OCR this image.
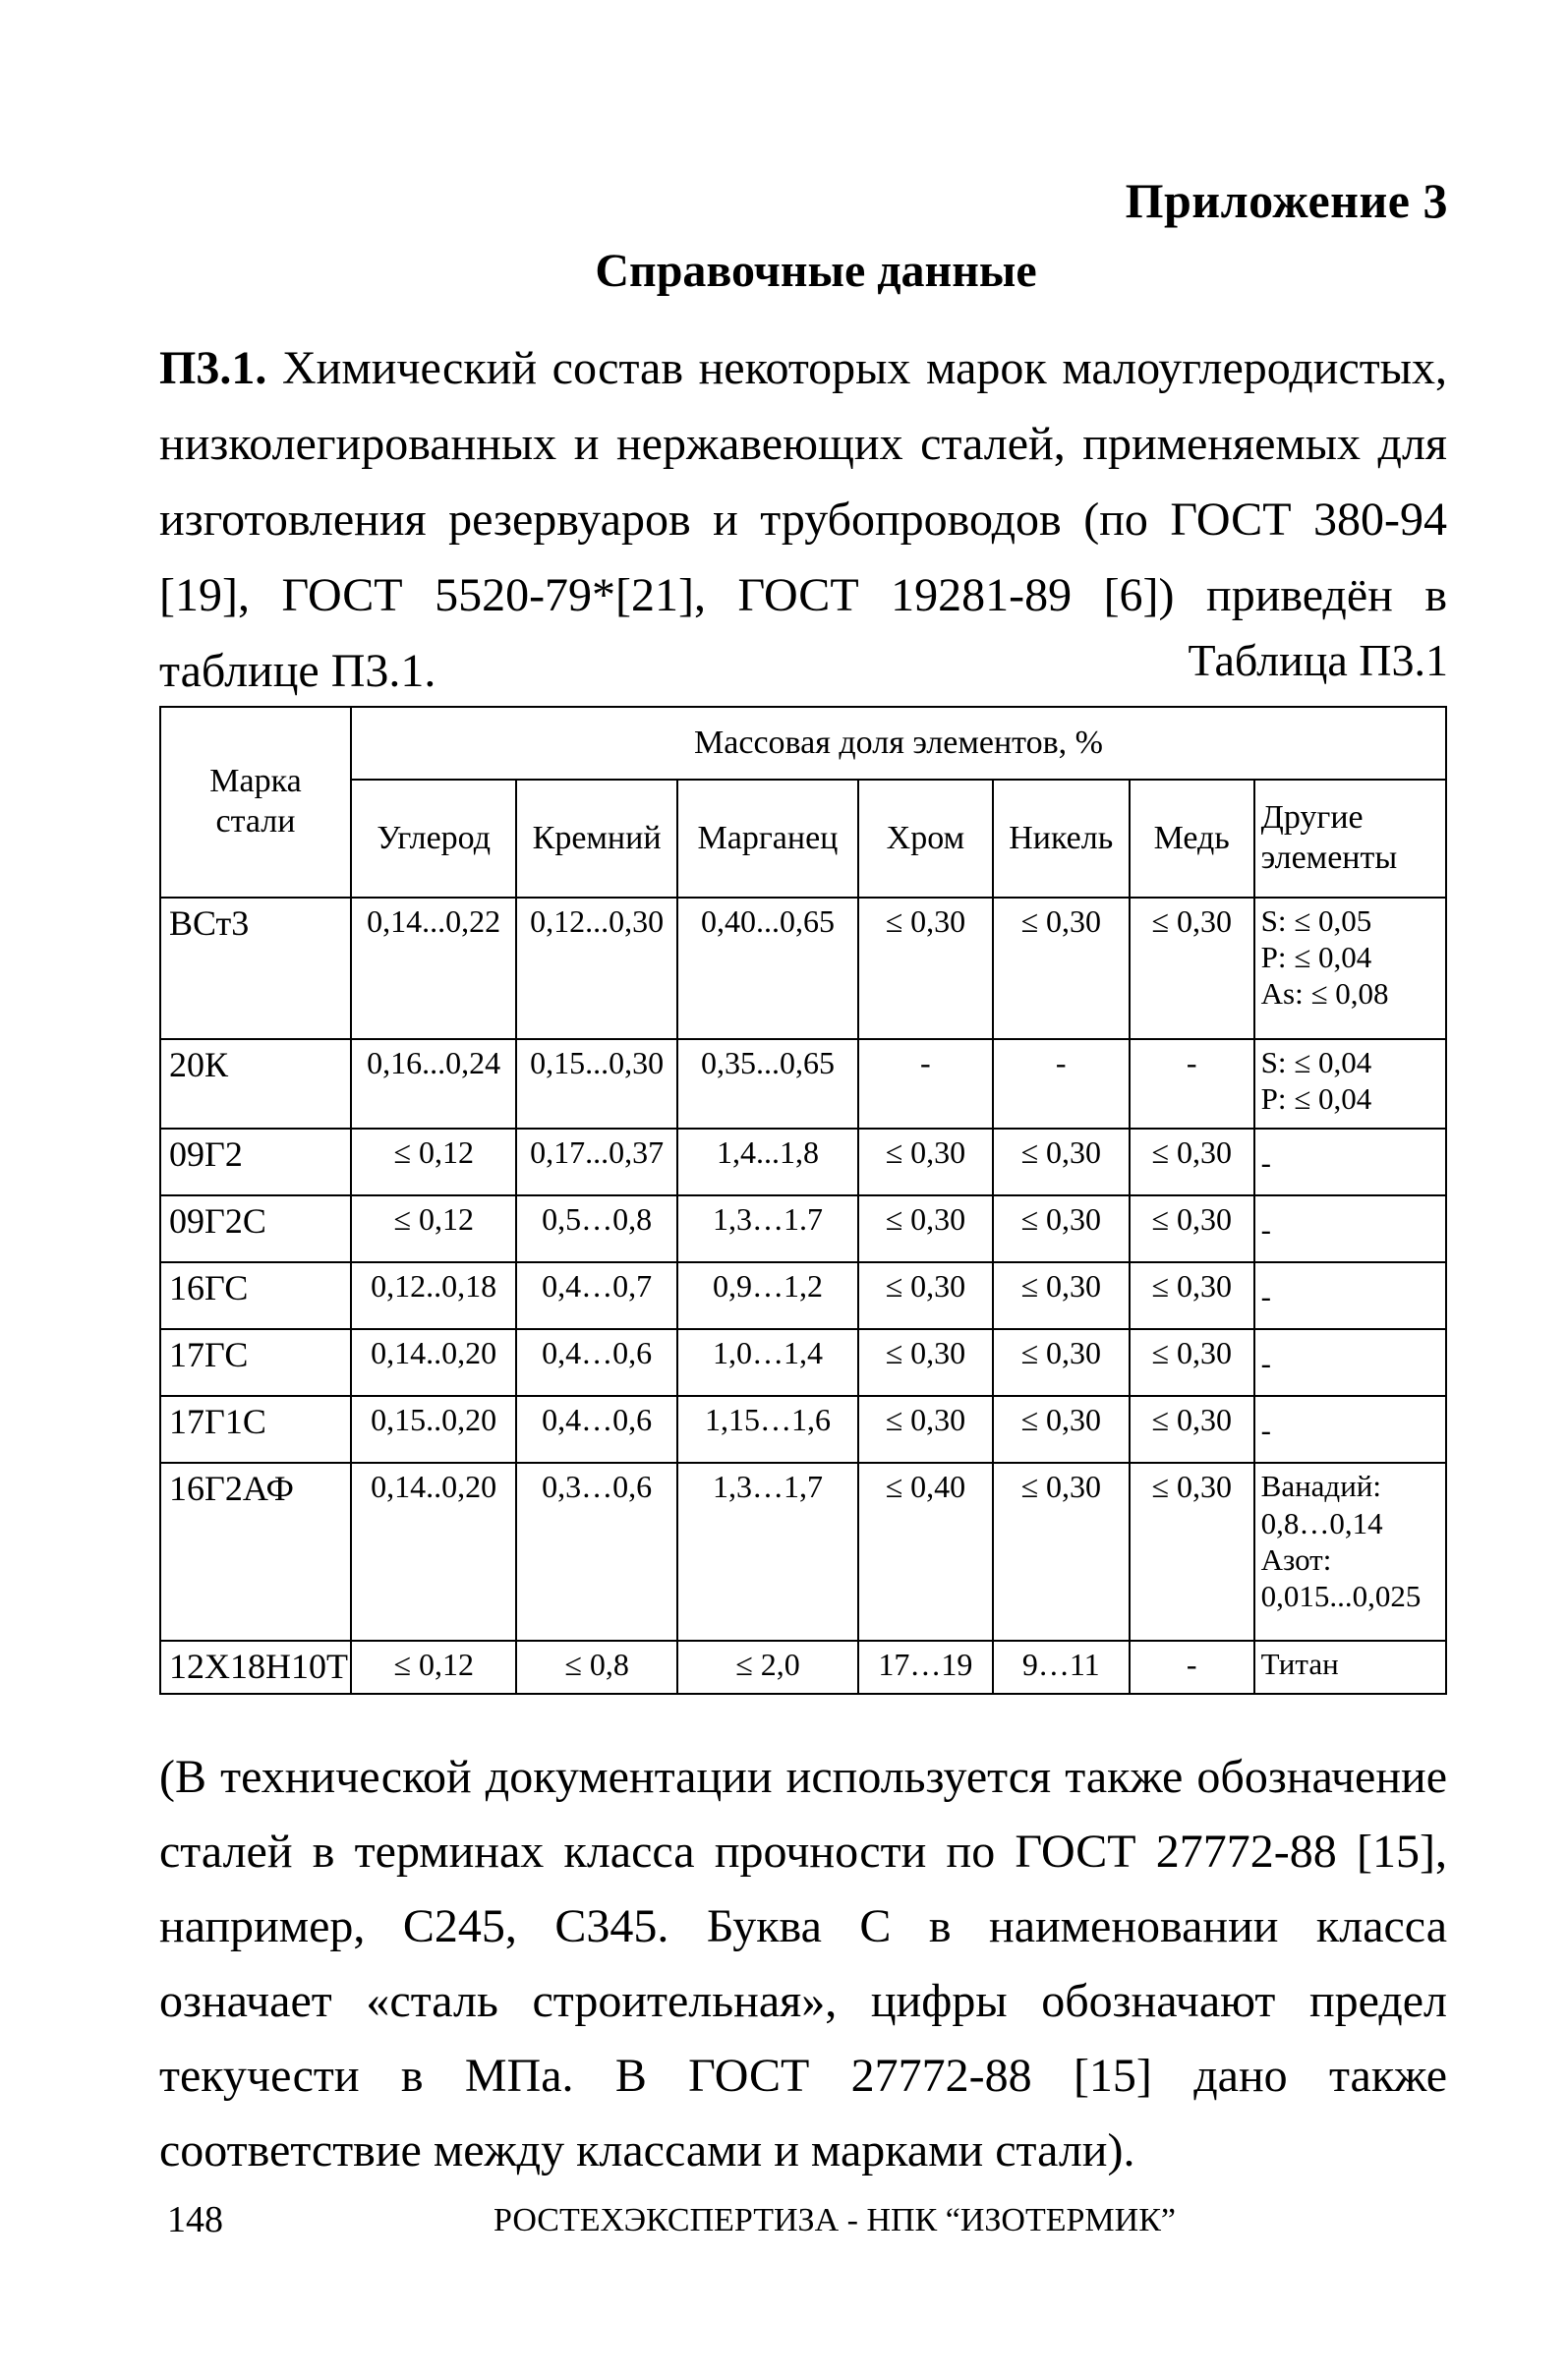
Приложение 3
Справочные данные
П3.1. Химический состав некоторых марок малоуглеродистых, низколегированных и нержавеющих сталей, применяемых для изготовления резервуаров и трубопроводов (по ГОСТ 380-94 [19], ГОСТ 5520-79*[21], ГОСТ 19281-89 [6]) приведён в таблице П3.1.	Таблица П3.1
Марка стали	Массовая доля элементов, %						
	Углерод	Кремний	Марганец	Хром	Никель	Медь	Другие элементы
ВСт3	0,14...0,22	0,12...0,30	0,40...0,65	≤ 0,30	≤ 0,30	≤ 0,30	S: ≤ 0,05
P: ≤ 0,04
As: ≤ 0,08

20К	0,16...0,24	0,15...0,30	0,35...0,65	-	-	-	S: ≤ 0,04
P: ≤ 0,04

09Г2	≤ 0,12	0,17...0,37	1,4...1,8	≤ 0,30	≤ 0,30	≤ 0,30	-

09Г2С	≤ 0,12	0,5…0,8	1,3…1.7	≤ 0,30	≤ 0,30	≤ 0,30	-

16ГС	0,12..0,18	0,4…0,7	0,9…1,2	≤ 0,30	≤ 0,30	≤ 0,30	-

17ГС	0,14..0,20	0,4…0,6	1,0…1,4	≤ 0,30	≤ 0,30	≤ 0,30	-

17Г1С	0,15..0,20	0,4…0,6	1,15…1,6	≤ 0,30	≤ 0,30	≤ 0,30	-

16Г2АФ	0,14..0,20	0,3…0,6	1,3…1,7	≤ 0,40	≤ 0,30	≤ 0,30	Ванадий:
0,8…0,14
Азот:
0,015...0,025

12Х18Н10Т	≤ 0,12	≤ 0,8	≤ 2,0	17…19	9…11	-	Титан
(В технической документации используется также обозначение сталей в терминах класса прочности по ГОСТ 27772-88 [15], например, С245, С345. Буква С в наименовании класса означает «сталь строительная», цифры обозначают предел текучести в МПа. В ГОСТ 27772-88 [15] дано также соответствие между классами и марками стали).
148	РОСТЕХЭКСПЕРТИЗА - НПК “ИЗОТЕРМИК”
